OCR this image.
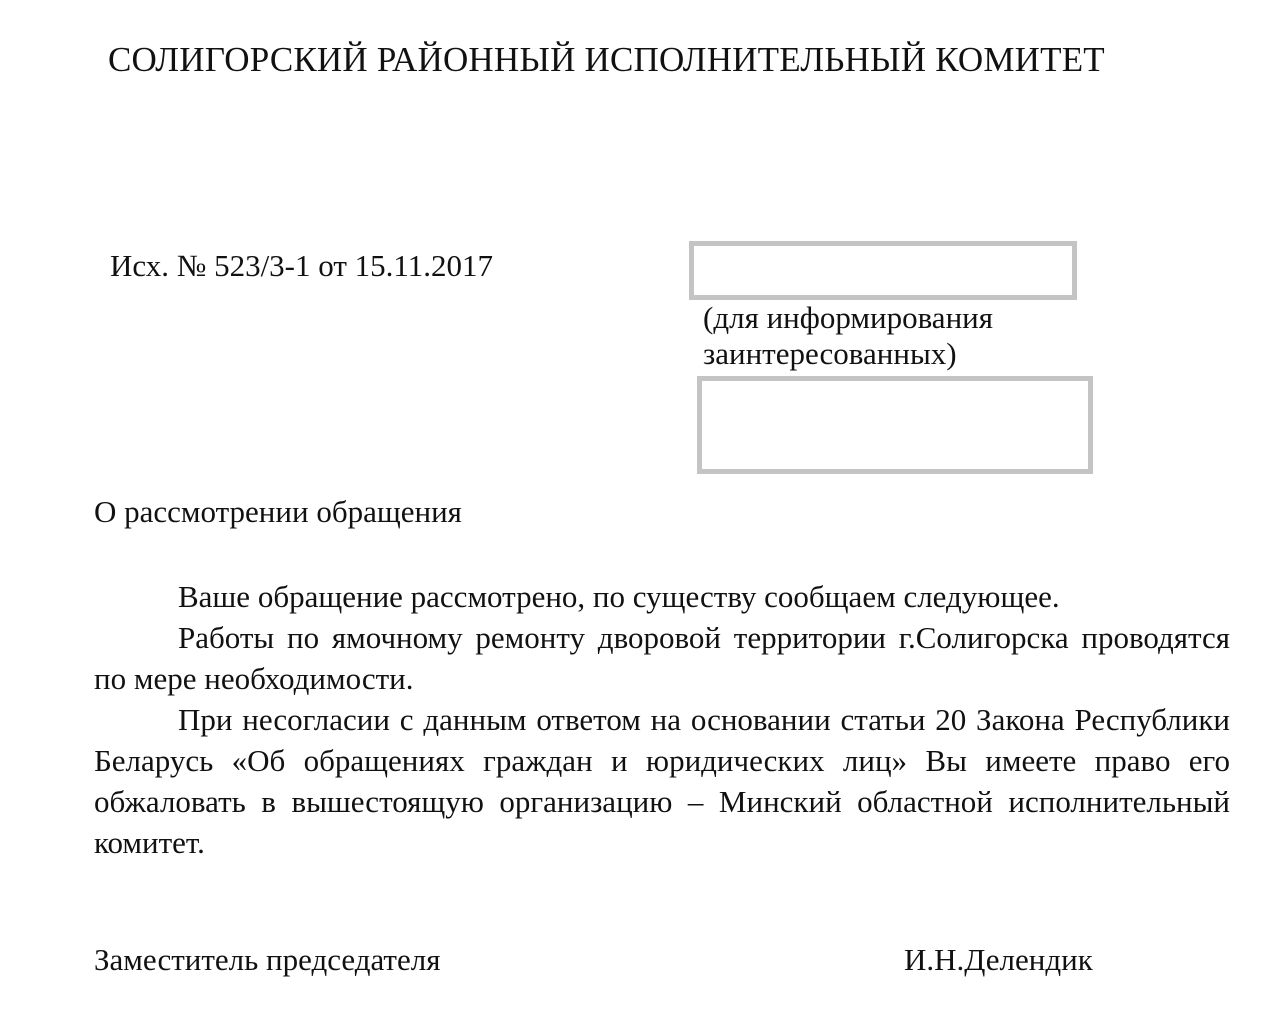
СОЛИГОРСКИЙ РАЙОННЫЙ ИСПОЛНИТЕЛЬНЫЙ КОМИТЕТ
Исх. № 523/3-1 от 15.11.2017
(для информирования заинтересованных)
О рассмотрении обращения

Ваше обращение рассмотрено, по существу сообщаем следующее.

Работы по ямочному ремонту дворовой территории г.Солигорска проводятся по мере необходимости.

При несогласии с данным ответом на основании статьи 20 Закона Республики Беларусь «Об обращениях граждан и юридических лиц» Вы имеете право его обжаловать в вышестоящую организацию – Минский областной исполнительный комитет.

Заместитель председателя	И.Н.Делендик
